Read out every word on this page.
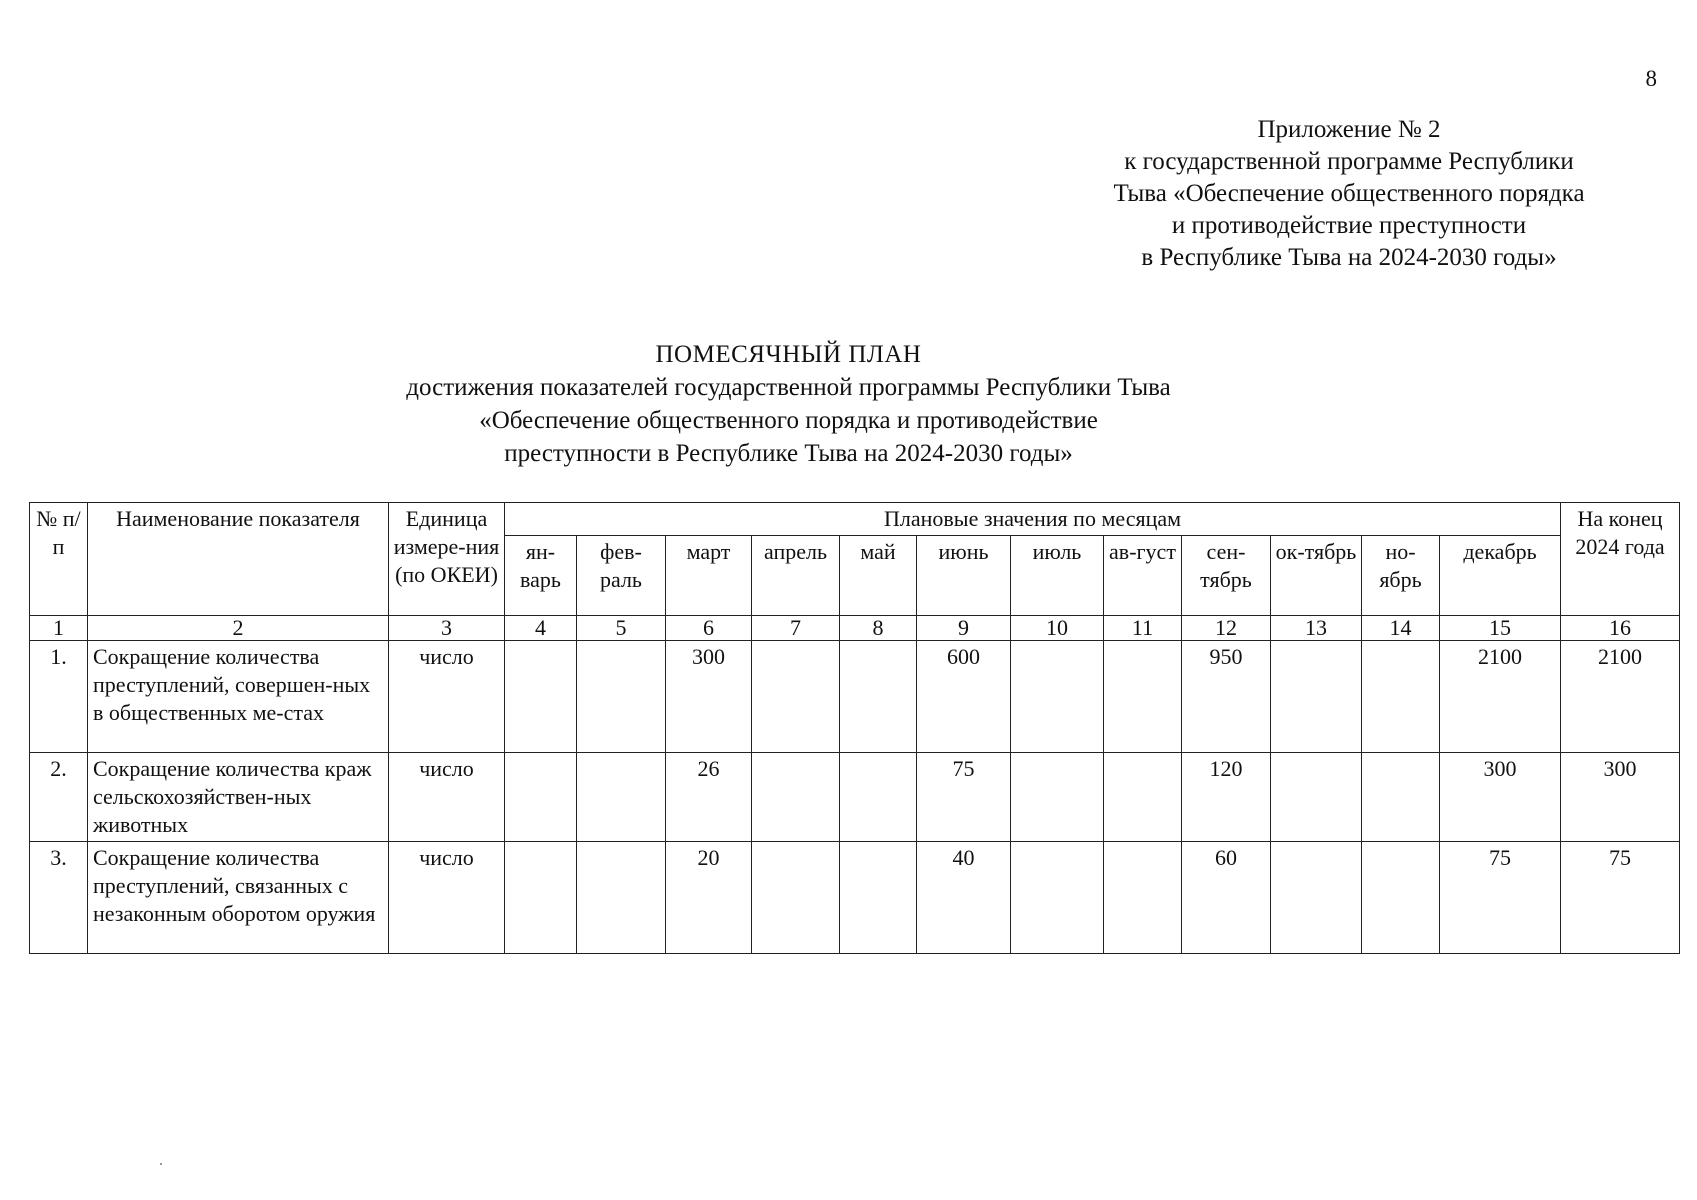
8
Приложение № 2
к государственной программе Республики
Тыва «Обеспечение общественного порядка
и противодействие преступности
в Республике Тыва на 2024-2030 годы»
ПОМЕСЯЧНЫЙ ПЛАН
достижения показателей государственной программы Республики Тыва
«Обеспечение общественного порядка и противодействие
преступности в Республике Тыва на 2024-2030 годы»
№ п/п	Наименование показателя	Единица измере-ния (по ОКЕИ)	Плановые значения по месяцам												На конец 2024 года
			ян-варь	фев-раль	март	апрель	май	июнь	июль	ав-густ	сен-тябрь	ок-тябрь	но-ябрь	декабрь	
1	2	3	4	5	6	7	8	9	10	11	12	13	14	15	16
1.	Сокращение количества преступлений, совершен-ных в общественных ме-стах	число			300			600			950			2100	2100
2.	Сокращение количества краж сельскохозяйствен-ных животных	число			26			75			120			300	300
3.	Сокращение количества преступлений, связанных с незаконным оборотом оружия	число			20			40			60			75	75
